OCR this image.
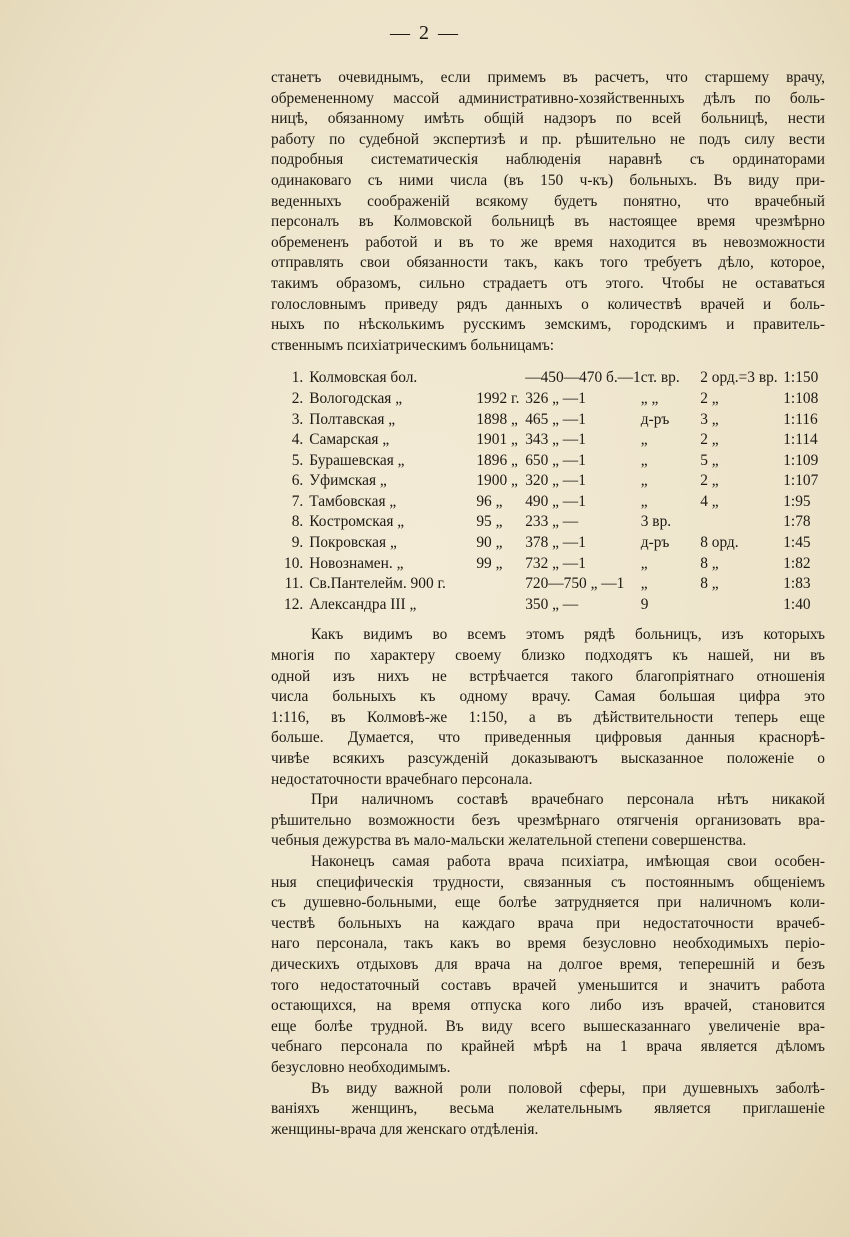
— 2 —

станетъ очевиднымъ, если примемъ въ расчетъ, что старшему врачу,
обремененному массой административно-хозяйственныхъ дѣлъ по боль-
ницѣ, обязанному имѣть общій надзоръ по всей больницѣ, нести
работу по судебной экспертизѣ и пр. рѣшительно не подъ силу вести
подробныя систематическія наблюденія наравнѣ съ ординаторами
одинаковаго съ ними числа (въ 150 ч-къ) больныхъ. Въ виду при-
веденныхъ соображеній всякому будетъ понятно, что врачебный
персоналъ въ Колмовской больницѣ въ настоящее время чрезмѣрно
обремененъ работой и въ то же время находится въ невозможности
отправлять свои обязанности такъ, какъ того требуетъ дѣло, которое,
такимъ образомъ, сильно страдаетъ отъ этого. Чтобы не оставаться
голословнымъ приведу рядъ данныхъ о количествѣ врачей и боль-
ныхъ по нѣсколькимъ русскимъ земскимъ, городскимъ и правитель-
ственнымъ психіатрическимъ больницамъ:

1.	Колмовская бол.		—450—470 б.—1	ст. вр.	2 орд.=3 вр.	1:150
2.	Вологодская „	1992 г.	326 „ —1	„ „	2 „	1:108
3.	Полтавская „	1898 „	465 „ —1	д-ръ	3 „	1:116
4.	Самарская „	1901 „	343 „ —1	„	2 „	1:114
5.	Бурашевская „	1896 „	650 „ —1	„	5 „	1:109
6.	Уфимская „	1900 „	320 „ —1	„	2 „	1:107
7.	Тамбовская „	96 „	490 „ —1	„	4 „	1:95
8.	Костромская „	95 „	233 „ —	3 вр.		1:78
9.	Покровская „	90 „	378 „ —1	д-ръ	8 орд.	1:45
10.	Новознамен. „	99 „	732 „ —1	„	8 „	1:82
11.	Св.Пантелейм. 900 г.		720—750 „ —1	„	8 „	1:83
12.	Александра III „		350 „ —	9		1:40

Какъ видимъ во всемъ этомъ рядѣ больницъ, изъ которыхъ
многія по характеру своему близко подходятъ къ нашей, ни въ
одной изъ нихъ не встрѣчается такого благопріятнаго отношенія
числа больныхъ къ одному врачу. Самая большая цифра это
1:116, въ Колмовѣ-же 1:150, а въ дѣйствительности теперь еще
больше. Думается, что приведенныя цифровыя данныя краснорѣ-
чивѣе всякихъ разсужденій доказываютъ высказанное положеніе о
недостаточности врачебнаго персонала.

При наличномъ составѣ врачебнаго персонала нѣтъ никакой
рѣшительно возможности безъ чрезмѣрнаго отягченія организовать вра-
чебныя дежурства въ мало-мальски желательной степени совершенства.

Наконецъ самая работа врача психіатра, имѣющая свои особен-
ныя специфическія трудности, связанныя съ постояннымъ общеніемъ
съ душевно-больными, еще болѣе затрудняется при наличномъ коли-
чествѣ больныхъ на каждаго врача при недостаточности врачеб-
наго персонала, такъ какъ во время безусловно необходимыхъ періо-
дическихъ отдыховъ для врача на долгое время, теперешній и безъ
того недостаточный составъ врачей уменьшится и значитъ работа
остающихся, на время отпуска кого либо изъ врачей, становится
еще болѣе трудной. Въ виду всего вышесказаннаго увеличеніе вра-
чебнаго персонала по крайней мѣрѣ на 1 врача является дѣломъ
безусловно необходимымъ.

Въ виду важной роли половой сферы, при душевныхъ заболѣ-
ваніяхъ женщинъ, весьма желательнымъ является приглашеніе
женщины-врача для женскаго отдѣленія.
